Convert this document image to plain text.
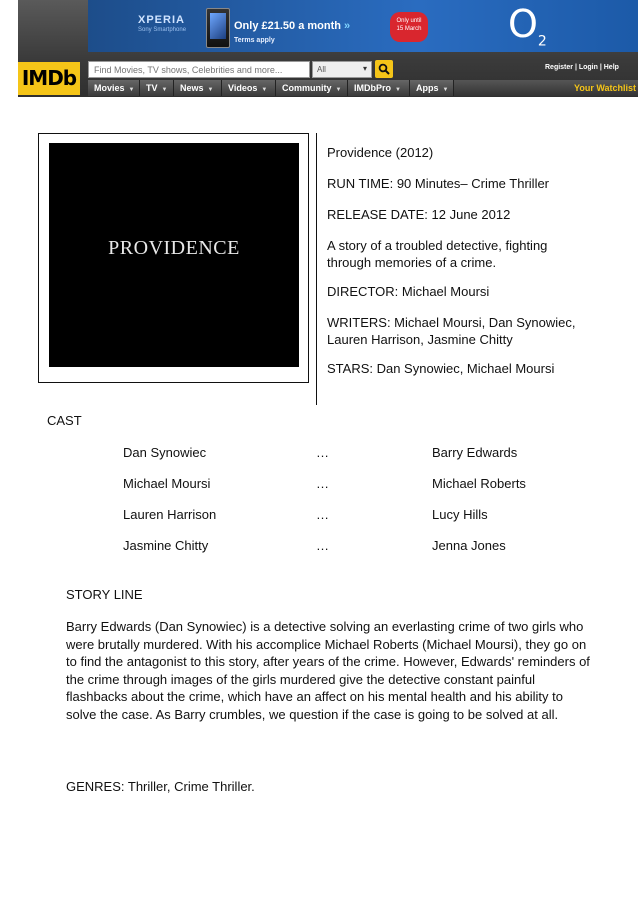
XPERIA
Sony Smartphone	Only £21.50 a month »
Terms apply
Only until
15 March $O_2$
IMDb
Find Movies, TV shows, Celebrities and more...	All	▾	Register | Login | Help
Movies ▼	TV ▼	News ▼	Videos ▼	Community ▼	IMDbPro ▼	Apps ▼	Your Watchlist
PROVIDENCE

Providence (2012)

RUN TIME: 90 Minutes– Crime Thriller

RELEASE DATE: 12 June 2012

A story of a troubled detective, fighting through memories of a crime.

DIRECTOR: Michael Moursi

WRITERS: Michael Moursi, Dan Synowiec, Lauren Harrison, Jasmine Chitty

STARS: Dan Synowiec, Michael Moursi

CAST

Dan Synowiec	…	Barry Edwards
Michael Moursi	…	Michael Roberts
Lauren Harrison	…	Lucy Hills
Jasmine Chitty	…	Jenna Jones

STORY LINE

Barry Edwards (Dan Synowiec) is a detective solving an everlasting crime of two girls who were brutally murdered. With his accomplice Michael Roberts (Michael Moursi), they go on to find the antagonist to this story, after years of the crime. However, Edwards' reminders of the crime through images of the girls murdered give the detective constant painful flashbacks about the crime, which have an affect on his mental health and his ability to solve the case. As Barry crumbles, we question if the case is going to be solved at all.

GENRES: Thriller, Crime Thriller.
